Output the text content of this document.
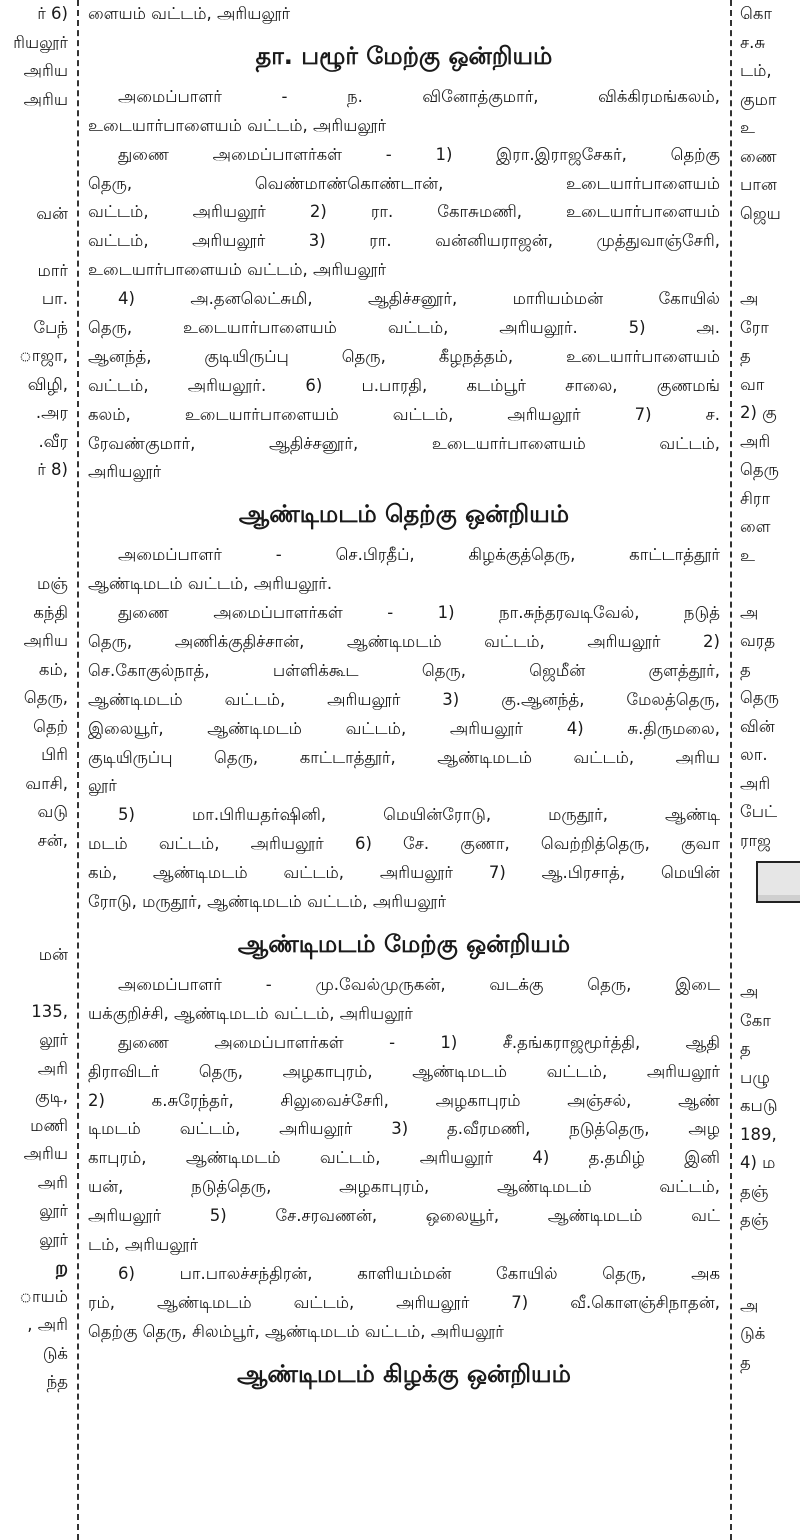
ர் 6)
ரியலூர்
அரிய
அரிய
வன்
மார்
பா.
பேந்
ாஜா,
விழி,
.அர
.வீர
ர் 8)
மஞ்
கந்தி
அரிய
கம்,
தெரு,
தெற்
பிரி
வாசி,
வடு
சன்,
மன்
135,
லூர்
அரி
குடி,
மணி
அரிய
அரி
லூர்
லூர்
ற
ாயம்
, அரி
டுக்
ந்த
ளையம் வட்டம், அரியலூர்
தா. பழூர் மேற்கு ஒன்றியம்
அமைப்பாளர் - ந. வினோத்குமார், விக்கிரமங்கலம்,
உடையார்பாளையம் வட்டம், அரியலூர்
துணை அமைப்பாளர்கள் - 1) இரா.இராஜசேகர், தெற்கு
தெரு, வெண்மாண்கொண்டான், உடையார்பாளையம்
வட்டம், அரியலூர் 2) ரா. கோசுமணி, உடையார்பாளையம்
வட்டம், அரியலூர் 3) ரா. வன்னியராஜன், முத்துவாஞ்சேரி,
உடையார்பாளையம் வட்டம், அரியலூர்
4) அ.தனலெட்சுமி, ஆதிச்சனூர், மாரியம்மன் கோயில்
தெரு, உடையார்பாளையம் வட்டம், அரியலூர். 5) அ.
ஆனந்த், குடியிருப்பு தெரு, கீழநத்தம், உடையார்பாளையம்
வட்டம், அரியலூர். 6) ப.பாரதி, கடம்பூர் சாலை, குணமங்
கலம், உடையார்பாளையம் வட்டம், அரியலூர் 7) ச.
ரேவண்குமார், ஆதிச்சனூர், உடையார்பாளையம் வட்டம்,
அரியலூர்
ஆண்டிமடம் தெற்கு ஒன்றியம்
அமைப்பாளர் - செ.பிரதீப், கிழக்குத்தெரு, காட்டாத்தூர்
ஆண்டிமடம் வட்டம், அரியலூர்.
துணை அமைப்பாளர்கள் - 1) நா.சுந்தரவடிவேல், நடுத்
தெரு, அணிக்குதிச்சான், ஆண்டிமடம் வட்டம், அரியலூர் 2)
செ.கோகுல்நாத், பள்ளிக்கூட தெரு, ஜெமீன் குளத்தூர்,
ஆண்டிமடம் வட்டம், அரியலூர் 3) கு.ஆனந்த், மேலத்தெரு,
இலையூர், ஆண்டிமடம் வட்டம், அரியலூர் 4) சு.திருமலை,
குடியிருப்பு தெரு, காட்டாத்தூர், ஆண்டிமடம் வட்டம், அரிய
லூர்
5) மா.பிரியதர்ஷினி, மெயின்ரோடு, மருதூர், ஆண்டி
மடம் வட்டம், அரியலூர் 6) சே. குணா, வெற்றித்தெரு, குவா
கம், ஆண்டிமடம் வட்டம், அரியலூர் 7) ஆ.பிரசாத், மெயின்
ரோடு, மருதூர், ஆண்டிமடம் வட்டம், அரியலூர்
ஆண்டிமடம் மேற்கு ஒன்றியம்
அமைப்பாளர் - மு.வேல்முருகன், வடக்கு தெரு, இடை
யக்குறிச்சி, ஆண்டிமடம் வட்டம், அரியலூர்
துணை அமைப்பாளர்கள் - 1) சீ.தங்கராஜமூர்த்தி, ஆதி
திராவிடர் தெரு, அழகாபுரம், ஆண்டிமடம் வட்டம், அரியலூர்
2) க.சுரேந்தர், சிலுவைச்சேரி, அழகாபுரம் அஞ்சல், ஆண்
டிமடம் வட்டம், அரியலூர் 3) த.வீரமணி, நடுத்தெரு, அழ
காபுரம், ஆண்டிமடம் வட்டம், அரியலூர் 4) த.தமிழ் இனி
யன், நடுத்தெரு, அழகாபுரம், ஆண்டிமடம் வட்டம்,
அரியலூர் 5) சே.சரவணன், ஒலையூர், ஆண்டிமடம் வட்
டம், அரியலூர்
6) பா.பாலச்சந்திரன், காளியம்மன் கோயில் தெரு, அக
ரம், ஆண்டிமடம் வட்டம், அரியலூர் 7) வீ.கொளஞ்சிநாதன்,
தெற்கு தெரு, சிலம்பூர், ஆண்டிமடம் வட்டம், அரியலூர்
ஆண்டிமடம் கிழக்கு ஒன்றியம்
கொ
ச.சு
டம்,
குமா
உ
ணை
பான
ஜெய
அ
ரோ
த
வா
2) கு
அரி
தெரு
சிரா
ளை
உ
அ
வரத
த
தெரு
வின்
லா.
அரி
பேட்
ராஜ
அ
கோ
த
பழு
கபடு
189,
4) ம
தஞ்
தஞ்
அ
டுக்
த
